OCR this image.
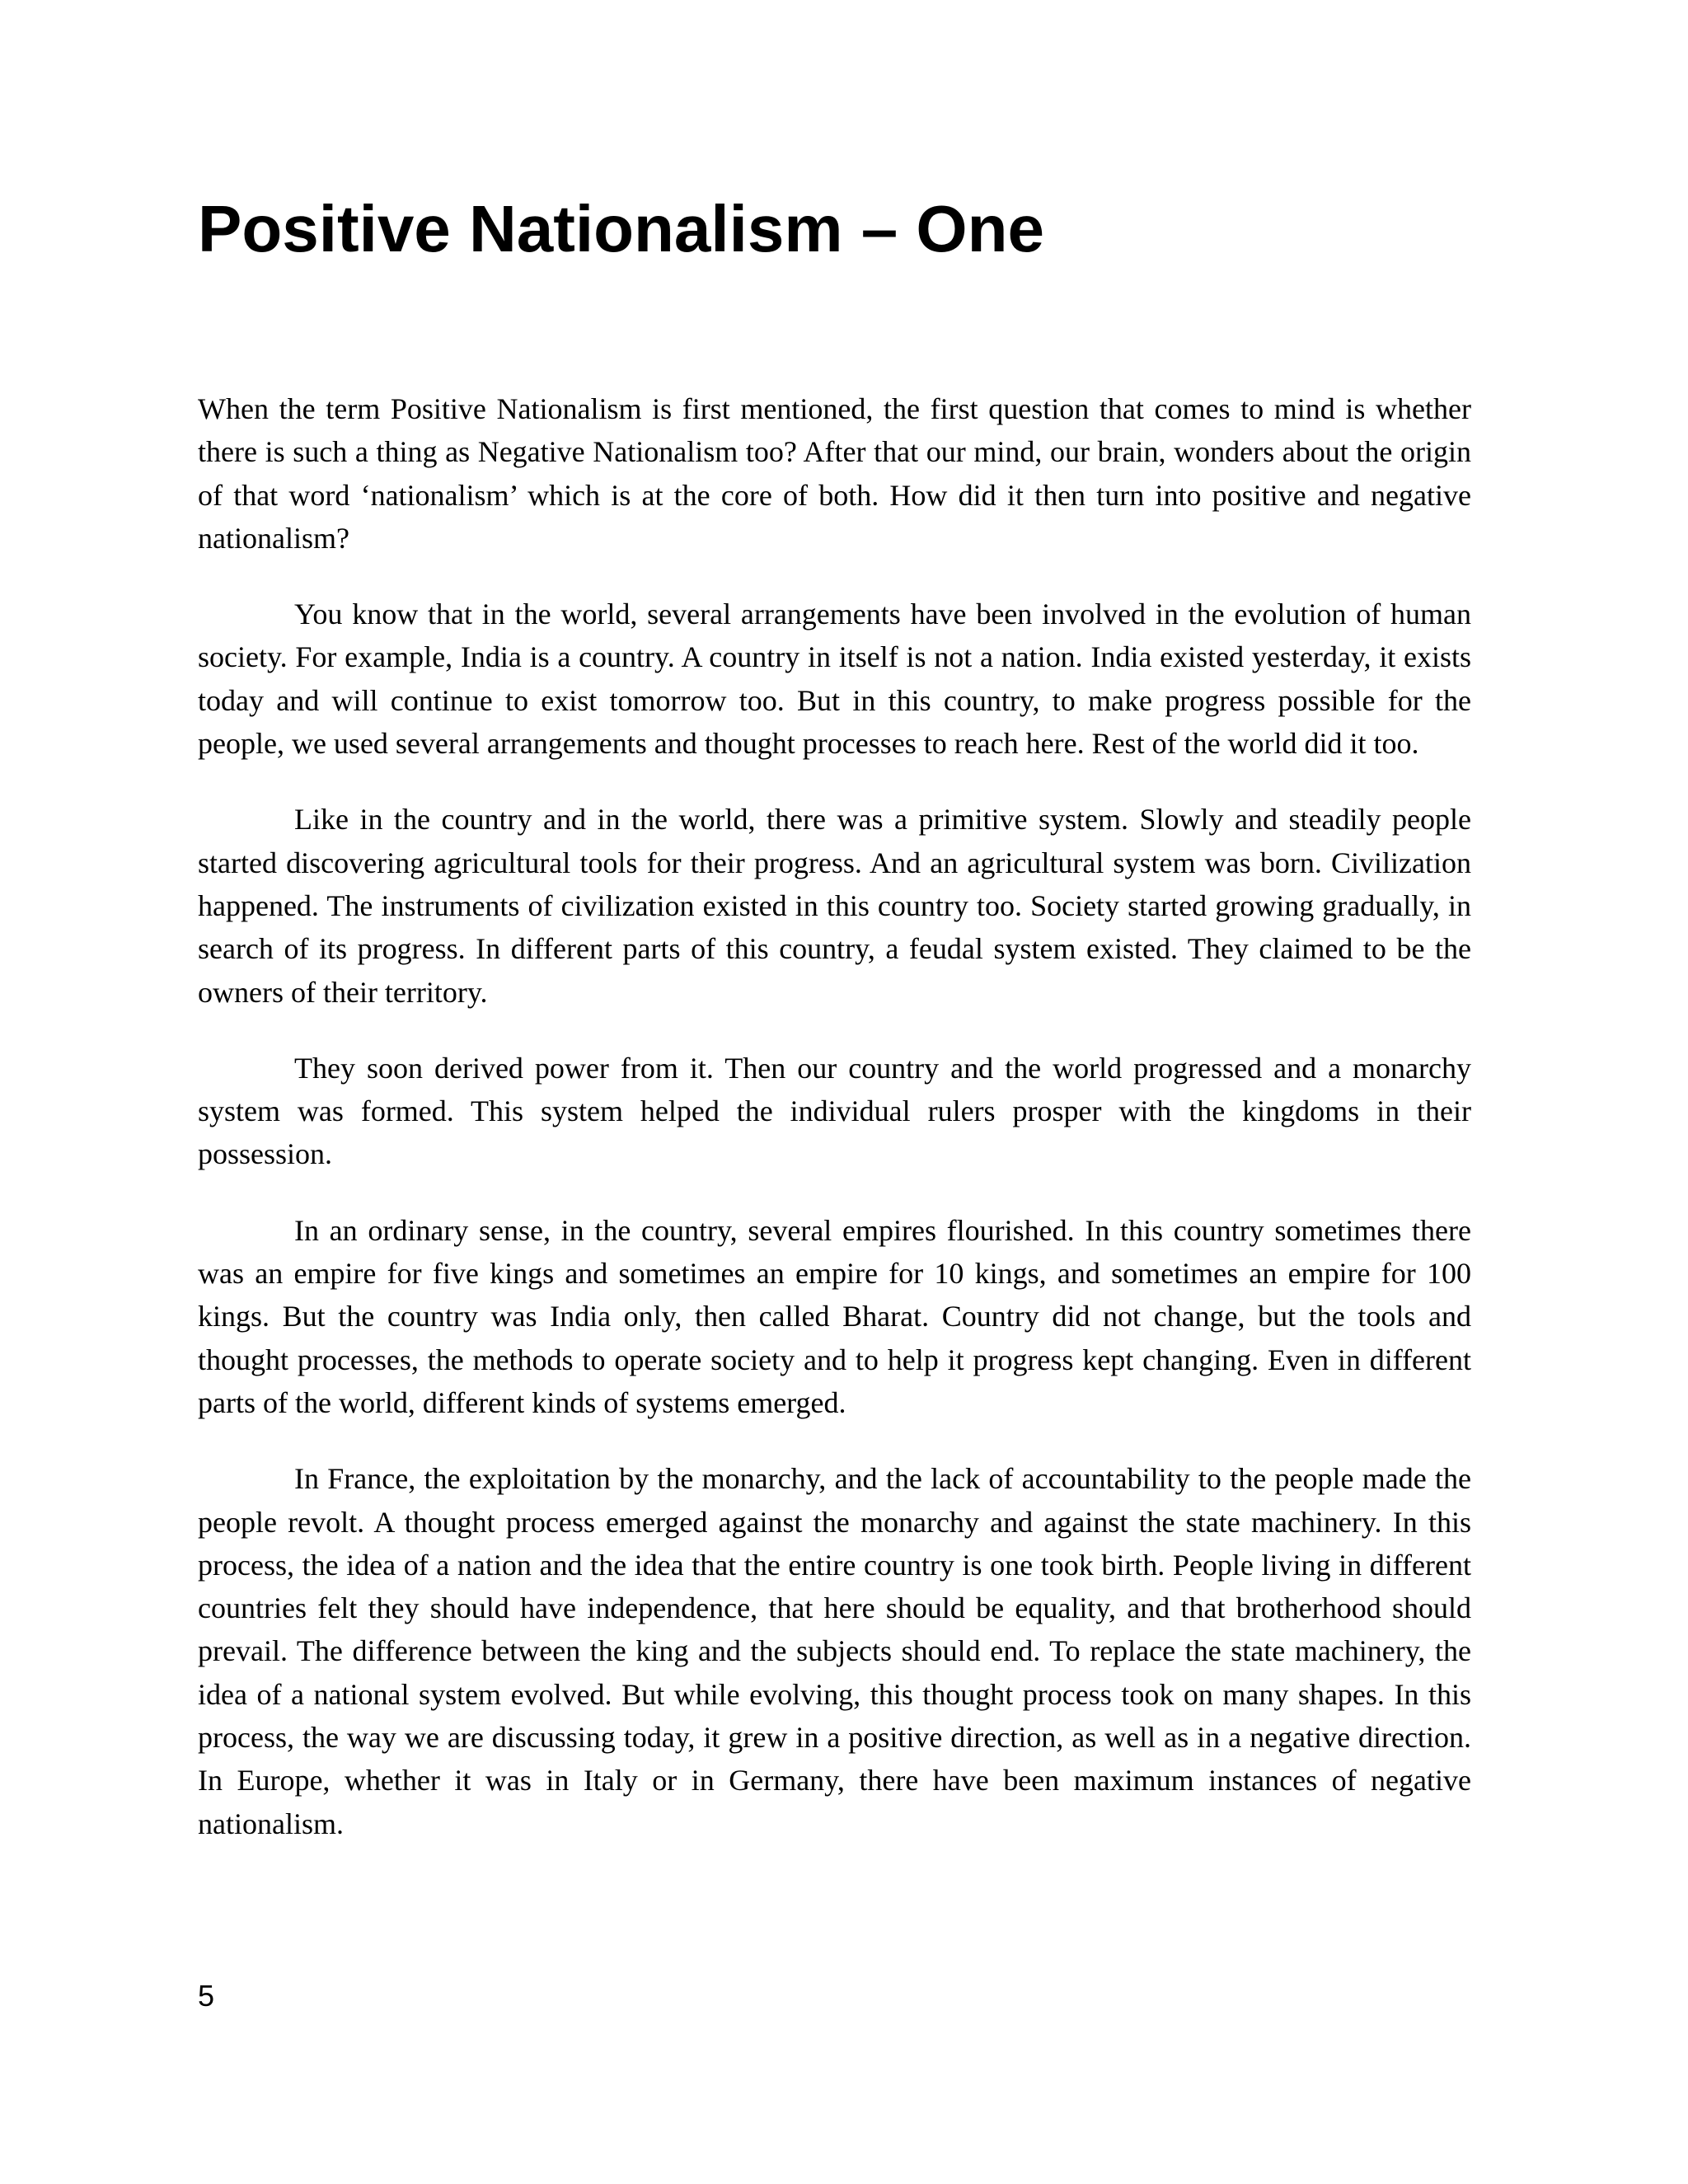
Positive Nationalism – One

When the term Positive Nationalism is first mentioned, the first question that comes to mind is whether there is such a thing as Negative Nationalism too? After that our mind, our brain, wonders about the origin of that word ‘nationalism’ which is at the core of both. How did it then turn into positive and negative nationalism?

You know that in the world, several arrangements have been involved in the evolution of human society. For example, India is a country. A country in itself is not a nation. India existed yesterday, it exists today and will continue to exist tomorrow too. But in this country, to make progress possible for the people, we used several arrangements and thought processes to reach here. Rest of the world did it too.

Like in the country and in the world, there was a primitive system. Slowly and steadily people started discovering agricultural tools for their progress. And an agricultural system was born. Civilization happened. The instruments of civilization existed in this country too. Society started growing gradually, in search of its progress. In different parts of this country, a feudal system existed. They claimed to be the owners of their territory.

They soon derived power from it. Then our country and the world progressed and a monarchy system was formed. This system helped the individual rulers prosper with the kingdoms in their possession.

In an ordinary sense, in the country, several empires flourished. In this country sometimes there was an empire for five kings and sometimes an empire for 10 kings, and sometimes an empire for 100 kings. But the country was India only, then called Bharat. Country did not change, but the tools and thought processes, the methods to operate society and to help it progress kept changing. Even in different parts of the world, different kinds of systems emerged.

In France, the exploitation by the monarchy, and the lack of accountability to the people made the people revolt. A thought process emerged against the monarchy and against the state machinery. In this process, the idea of a nation and the idea that the entire country is one took birth. People living in different countries felt they should have independence, that here should be equality, and that brotherhood should prevail. The difference between the king and the subjects should end. To replace the state machinery, the idea of a national system evolved. But while evolving, this thought process took on many shapes. In this process, the way we are discussing today, it grew in a positive direction, as well as in a negative direction. In Europe, whether it was in Italy or in Germany, there have been maximum instances of negative nationalism.

5
